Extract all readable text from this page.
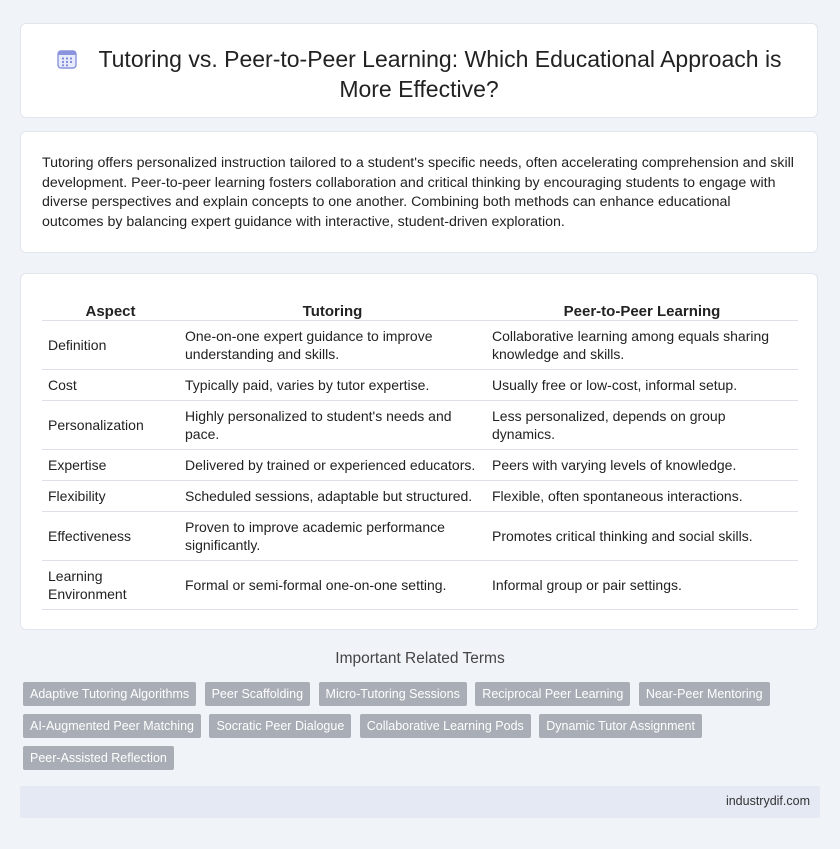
Tutoring vs. Peer-to-Peer Learning: Which Educational Approach is More Effective?

Tutoring offers personalized instruction tailored to a student's specific needs, often accelerating comprehension and skill development. Peer-to-peer learning fosters collaboration and critical thinking by encouraging students to engage with diverse perspectives and explain concepts to one another. Combining both methods can enhance educational outcomes by balancing expert guidance with interactive, student-driven exploration.

Aspect	Tutoring	Peer-to-Peer Learning
Definition	One-on-one expert guidance to improve understanding and skills.	Collaborative learning among equals sharing knowledge and skills.
Cost	Typically paid, varies by tutor expertise.	Usually free or low-cost, informal setup.
Personalization	Highly personalized to student's needs and pace.	Less personalized, depends on group dynamics.
Expertise	Delivered by trained or experienced educators.	Peers with varying levels of knowledge.
Flexibility	Scheduled sessions, adaptable but structured.	Flexible, often spontaneous interactions.
Effectiveness	Proven to improve academic performance significantly.	Promotes critical thinking and social skills.
Learning Environment	Formal or semi-formal one-on-one setting.	Informal group or pair settings.
Important Related Terms
Adaptive Tutoring Algorithms Peer Scaffolding Micro-Tutoring Sessions Reciprocal Peer Learning Near-Peer Mentoring AI-Augmented Peer Matching Socratic Peer Dialogue Collaborative Learning Pods Dynamic Tutor Assignment Peer-Assisted Reflection
industrydif.com
